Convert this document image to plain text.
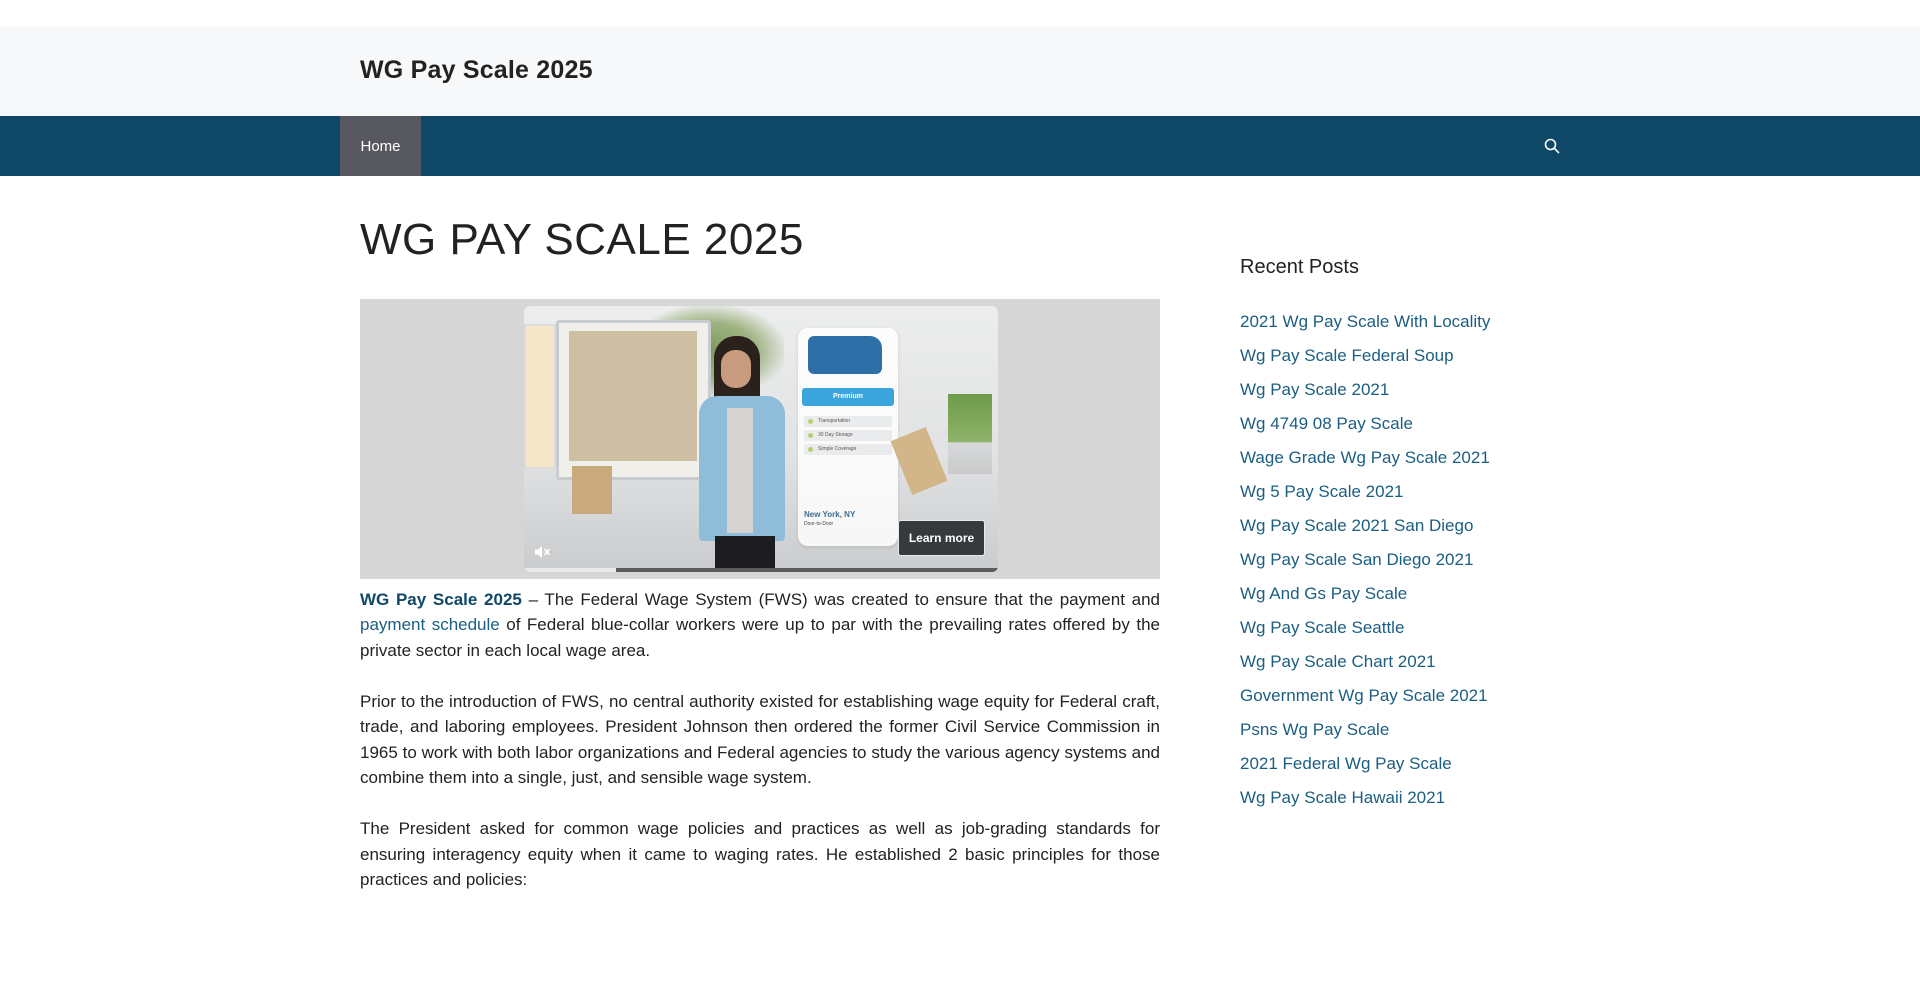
WG Pay Scale 2025
Home
WG PAY SCALE 2025
Premium
Transportation
30 Day Storage
Simple Coverage
New York, NY
Door-to-Door
Learn more

WG Pay Scale 2025 – The Federal Wage System (FWS) was created to ensure that the payment and payment schedule of Federal blue-collar workers were up to par with the prevailing rates offered by the private sector in each local wage area.

Prior to the introduction of FWS, no central authority existed for establishing wage equity for Federal craft, trade, and laboring employees. President Johnson then ordered the former Civil Service Commission in 1965 to work with both labor organizations and Federal agencies to study the various agency systems and combine them into a single, just, and sensible wage system.

The President asked for common wage policies and practices as well as job-grading standards for ensuring interagency equity when it came to waging rates. He established 2 basic principles for those practices and policies:

Recent Posts
2021 Wg Pay Scale With Locality
Wg Pay Scale Federal Soup
Wg Pay Scale 2021
Wg 4749 08 Pay Scale
Wage Grade Wg Pay Scale 2021
Wg 5 Pay Scale 2021
Wg Pay Scale 2021 San Diego
Wg Pay Scale San Diego 2021
Wg And Gs Pay Scale
Wg Pay Scale Seattle
Wg Pay Scale Chart 2021
Government Wg Pay Scale 2021
Psns Wg Pay Scale
2021 Federal Wg Pay Scale
Wg Pay Scale Hawaii 2021
